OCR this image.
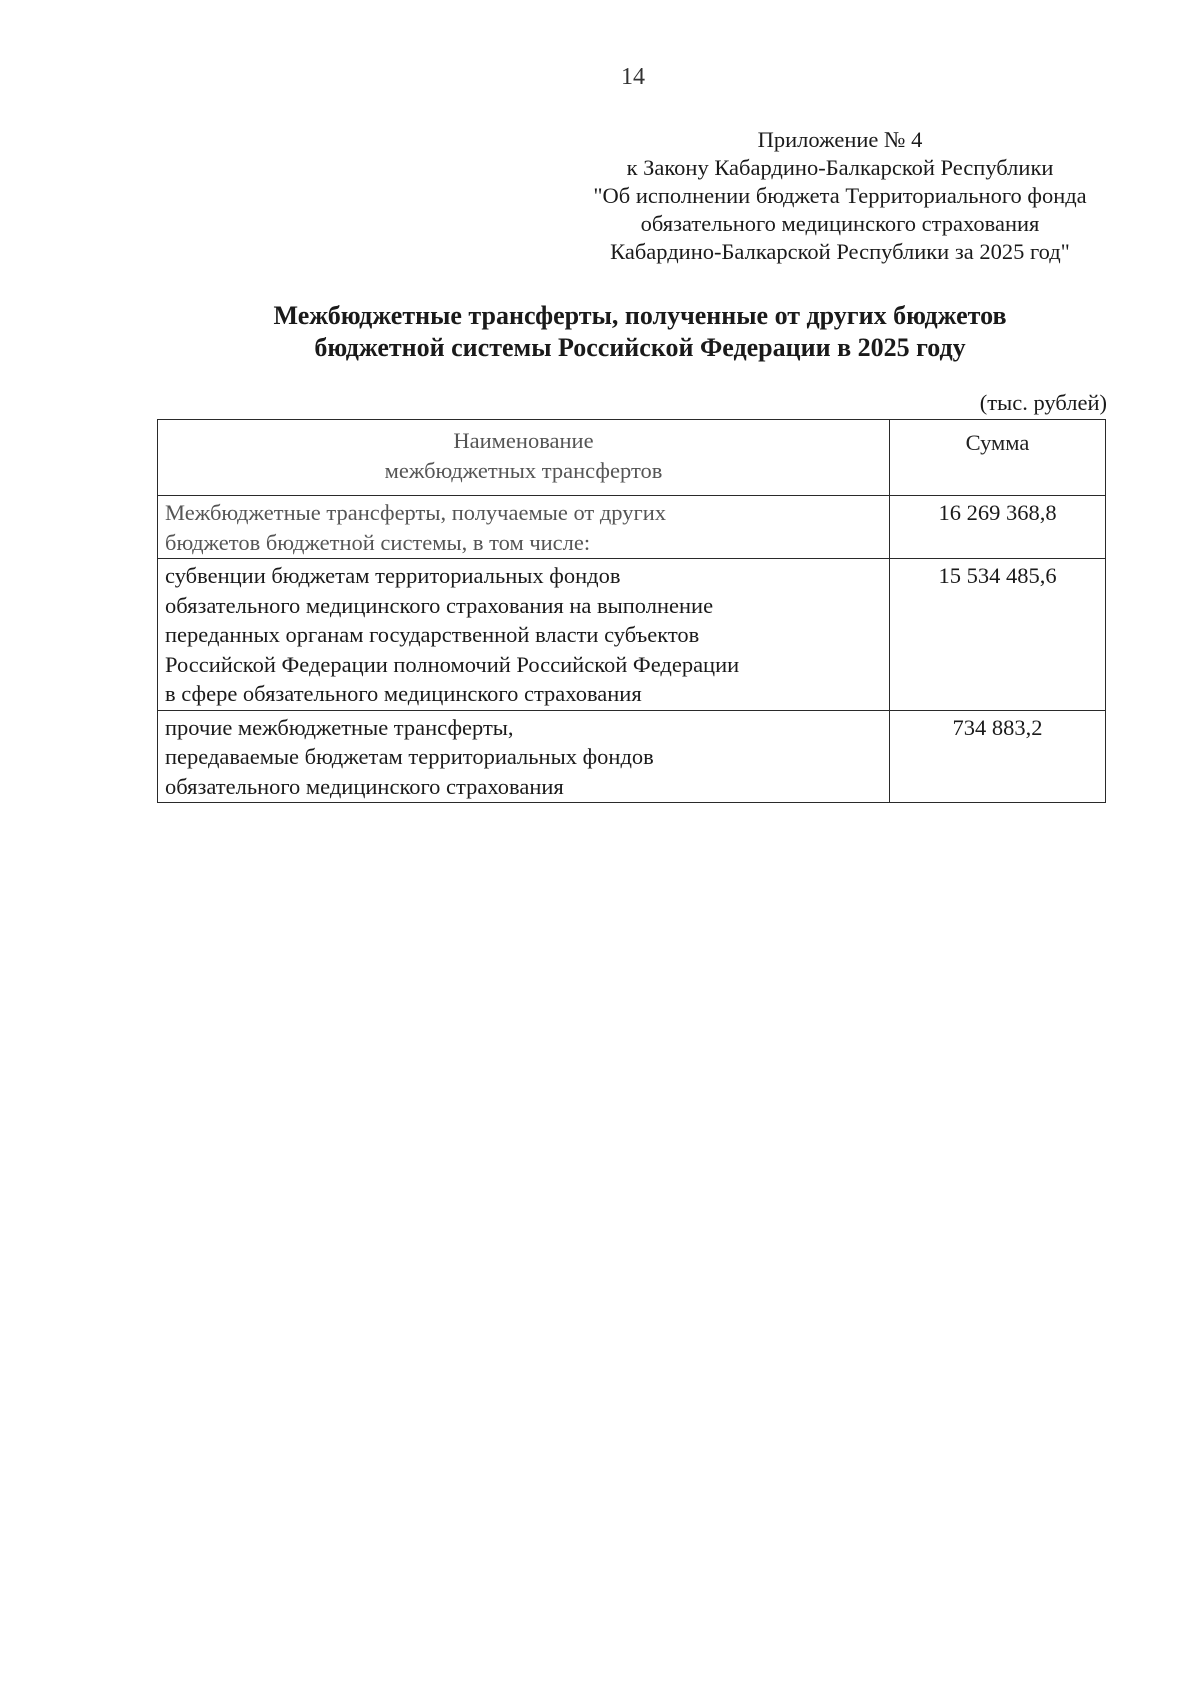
14
Приложение № 4
к Закону Кабардино-Балкарской Республики
"Об исполнении бюджета Территориального фонда
обязательного медицинского страхования
Кабардино-Балкарской Республики за 2025 год"
Межбюджетные трансферты, полученные от других бюджетов
бюджетной системы Российской Федерации в 2025 году
(тыс. рублей)
Наименование
межбюджетных трансфертов	Сумма

Межбюджетные трансферты, получаемые от других
бюджетов бюджетной системы, в том числе:	16 269 368,8

субвенции бюджетам территориальных фондов
обязательного медицинского страхования на выполнение
переданных органам государственной власти субъектов
Российской Федерации полномочий Российской Федерации
в сфере обязательного медицинского страхования	15 534 485,6

прочие межбюджетные трансферты,
передаваемые бюджетам территориальных фондов
обязательного медицинского страхования	734 883,2
